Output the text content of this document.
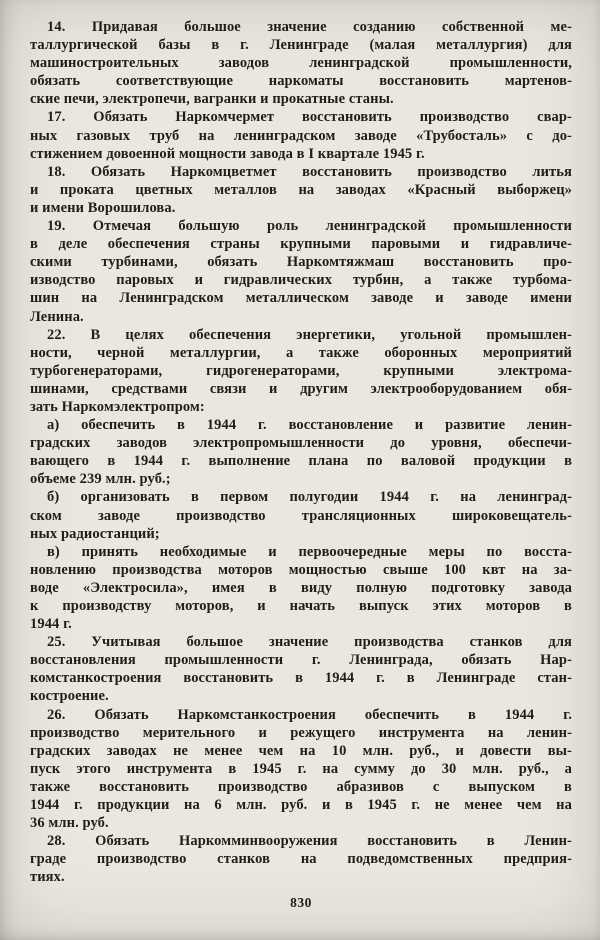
14. Придавая большое значение созданию собственной ме-
таллургической базы в г. Ленинграде (малая металлургия) для
машиностроительных заводов ленинградской промышленности,
обязать соответствующие наркоматы восстановить мартенов-
ские печи, электропечи, вагранки и прокатные станы.

17. Обязать Наркомчермет восстановить производство свар-
ных газовых труб на ленинградском заводе «Трубосталь» с до-
стижением довоенной мощности завода в I квартале 1945 г.

18. Обязать Наркомцветмет восстановить производство литья
и проката цветных металлов на заводах «Красный выборжец»
и имени Ворошилова.

19. Отмечая большую роль ленинградской промышленности
в деле обеспечения страны крупными паровыми и гидравличе-
скими турбинами, обязать Наркомтяжмаш восстановить про-
изводство паровых и гидравлических турбин, а также турбома-
шин на Ленинградском металлическом заводе и заводе имени
Ленина.

22. В целях обеспечения энергетики, угольной промышлен-
ности, черной металлургии, а также оборонных мероприятий
турбогенераторами, гидрогенераторами, крупными электрома-
шинами, средствами связи и другим электрооборудованием обя-
зать Наркомэлектропром:

а) обеспечить в 1944 г. восстановление и развитие ленин-
градских заводов электропромышленности до уровня, обеспечи-
вающего в 1944 г. выполнение плана по валовой продукции в
объеме 239 млн. руб.;

б) организовать в первом полугодии 1944 г. на ленинград-
ском заводе производство трансляционных широковещатель-
ных радиостанций;

в) принять необходимые и первоочередные меры по восста-
новлению производства моторов мощностью свыше 100 квт на за-
воде «Электросила», имея в виду полную подготовку завода
к производству моторов, и начать выпуск этих моторов в
1944 г.

25. Учитывая большое значение производства станков для
восстановления промышленности г. Ленинграда, обязать Нар-
комстанкостроения восстановить в 1944 г. в Ленинграде стан-
костроение.

26. Обязать Наркомстанкостроения обеспечить в 1944 г.
производство мерительного и режущего инструмента на ленин-
градских заводах не менее чем на 10 млн. руб., и довести вы-
пуск этого инструмента в 1945 г. на сумму до 30 млн. руб., а
также восстановить производство абразивов с выпуском в
1944 г. продукции на 6 млн. руб. и в 1945 г. не менее чем на
36 млн. руб.

28. Обязать Наркомминвооружения восстановить в Ленин-
граде производство станков на подведомственных предприя-
тиях.

830
